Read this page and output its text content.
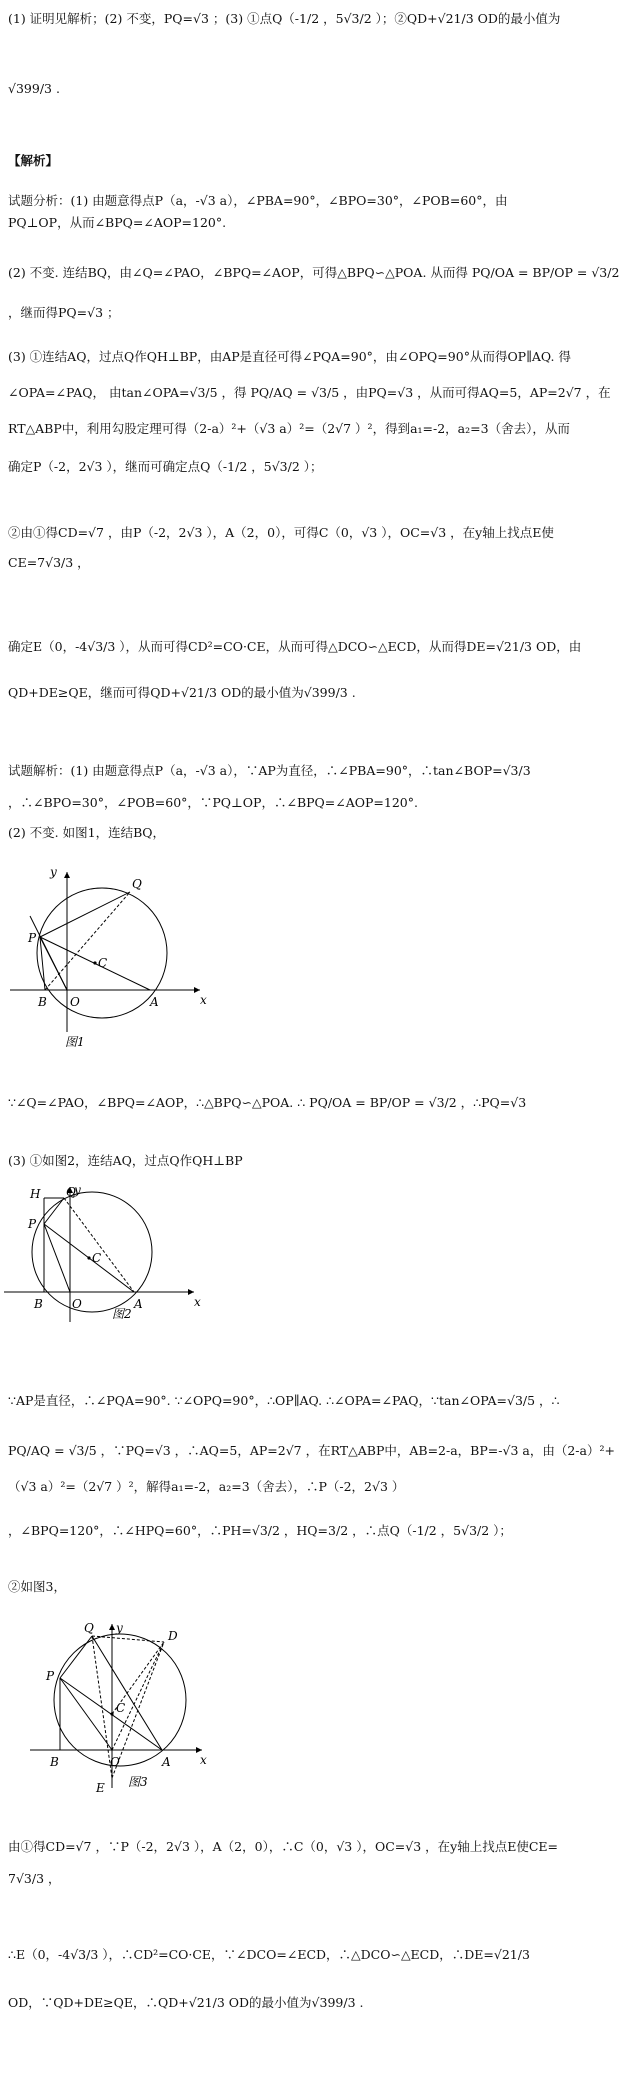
(1) 证明见解析；(2) 不变，PQ=√3 ；(3) ①点Q（-1/2 ，5√3/2 ）；②QD+√21/3 OD的最小值为
√399/3 .
【解析】
试题分析：(1) 由题意得点P（a，-√3 a），∠PBA=90°，∠BPO=30°，∠POB=60°，由
PQ⊥OP，从而∠BPQ=∠AOP=120°.
(2) 不变. 连结BQ，由∠Q=∠PAO，∠BPQ=∠AOP，可得△BPQ∽△POA. 从而得 PQ/OA = BP/OP = √3/2
，继而得PQ=√3 ；
(3) ①连结AQ，过点Q作QH⊥BP，由AP是直径可得∠PQA=90°，由∠OPQ=90°从而得OP∥AQ. 得
∠OPA=∠PAQ， 由tan∠OPA=√3/5 ，得 PQ/AQ = √3/5 ，由PQ=√3 ，从而可得AQ=5，AP=2√7 ，在
RT△ABP中，利用勾股定理可得（2-a）²+（√3 a）²=（2√7 ）²，得到a₁=-2，a₂=3（舍去），从而
确定P（-2，2√3 ），继而可确定点Q（-1/2 ，5√3/2 ）；
②由①得CD=√7 ，由P（-2，2√3 ），A（2，0），可得C（0，√3 ），OC=√3 ，在y轴上找点E使
CE=7√3/3 ，
确定E（0，-4√3/3 ），从而可得CD²=CO·CE，从而可得△DCO∽△ECD，从而得DE=√21/3 OD，由
QD+DE≥QE，继而可得QD+√21/3 OD的最小值为√399/3 .
试题解析：(1) 由题意得点P（a，-√3 a），∵AP为直径，∴∠PBA=90°，∴tan∠BOP=√3/3
，∴∠BPO=30°，∠POB=60°，∵PQ⊥OP，∴∠BPQ=∠AOP=120°.
(2) 不变. 如图1，连结BQ，
y
x
P
Q
C
B O	A
图1
∵∠Q=∠PAO，∠BPQ=∠AOP，∴△BPQ∽△POA. ∴ PQ/OA = BP/OP = √3/2 ，∴PQ=√3
(3) ①如图2，连结AQ，过点Q作QH⊥BP
y
x
H Q
P
C
B O	A
图2
∵AP是直径，∴∠PQA=90°. ∵∠OPQ=90°，∴OP∥AQ. ∴∠OPA=∠PAQ，∵tan∠OPA=√3/5 ，∴
PQ/AQ = √3/5 ，∵PQ=√3 ，∴AQ=5，AP=2√7 ，在RT△ABP中，AB=2-a，BP=-√3 a，由（2-a）²+
（√3 a）²=（2√7 ）²，解得a₁=-2，a₂=3（舍去），∴P（-2，2√3 ）
，∠BPQ=120°，∴∠HPQ=60°，∴PH=√3/2 ，HQ=3/2 ，∴点Q（-1/2 ，5√3/2 ）；
②如图3，
y
x
Q
D
P
C
B	O	A
E 图3
由①得CD=√7 ，∵P（-2，2√3 ），A（2，0），∴C（0，√3 ），OC=√3 ，在y轴上找点E使CE=
7√3/3 ，
∴E（0，-4√3/3 ），∴CD²=CO·CE，∵∠DCO=∠ECD，∴△DCO∽△ECD，∴DE=√21/3
OD，∵QD+DE≥QE，∴QD+√21/3 OD的最小值为√399/3 .
